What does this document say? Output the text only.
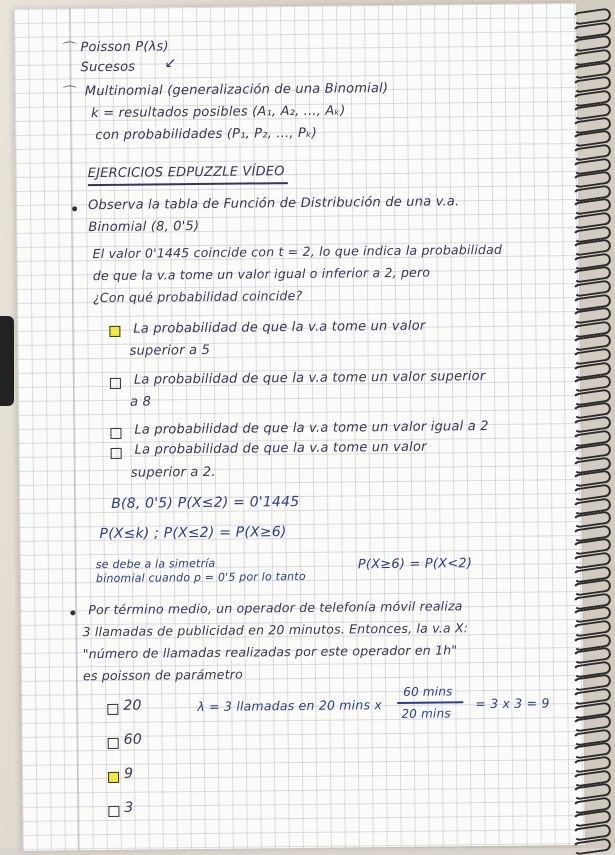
⌒ Poisson P(λs)
Sucesos ↙
⌒ Multinomial (generalización de una Binomial)
k = resultados posibles (A₁, A₂, ..., Aₖ)
con probabilidades (P₁, P₂, ..., Pₖ)
EJERCICIOS EDPUZZLE VÍDEO
Observa la tabla de Función de Distribución de una v.a.
Binomial (8, 0'5)
El valor 0'1445 coincide con t = 2, lo que indica la probabilidad
de que la v.a tome un valor igual o inferior a 2, pero
¿Con qué probabilidad coincide?
La probabilidad de que la v.a tome un valor
superior a 5
La probabilidad de que la v.a tome un valor superior
a 8
La probabilidad de que la v.a tome un valor igual a 2
La probabilidad de que la v.a tome un valor
superior a 2.
B(8, 0'5) P(X≤2) = 0'1445
P(X≤k) ; P(X≤2) = P(X≥6)
se debe a la simetría
binomial cuando p = 0'5 por lo tanto
P(X≥6) = P(X<2)
Por término medio, un operador de telefonía móvil realiza
3 llamadas de publicidad en 20 minutos. Entonces, la v.a X:
"número de llamadas realizadas por este operador en 1h"
es poisson de parámetro
20
60
9
3
λ = 3 llamadas en 20 mins x
60 mins
20 mins
= 3 x 3 = 9
